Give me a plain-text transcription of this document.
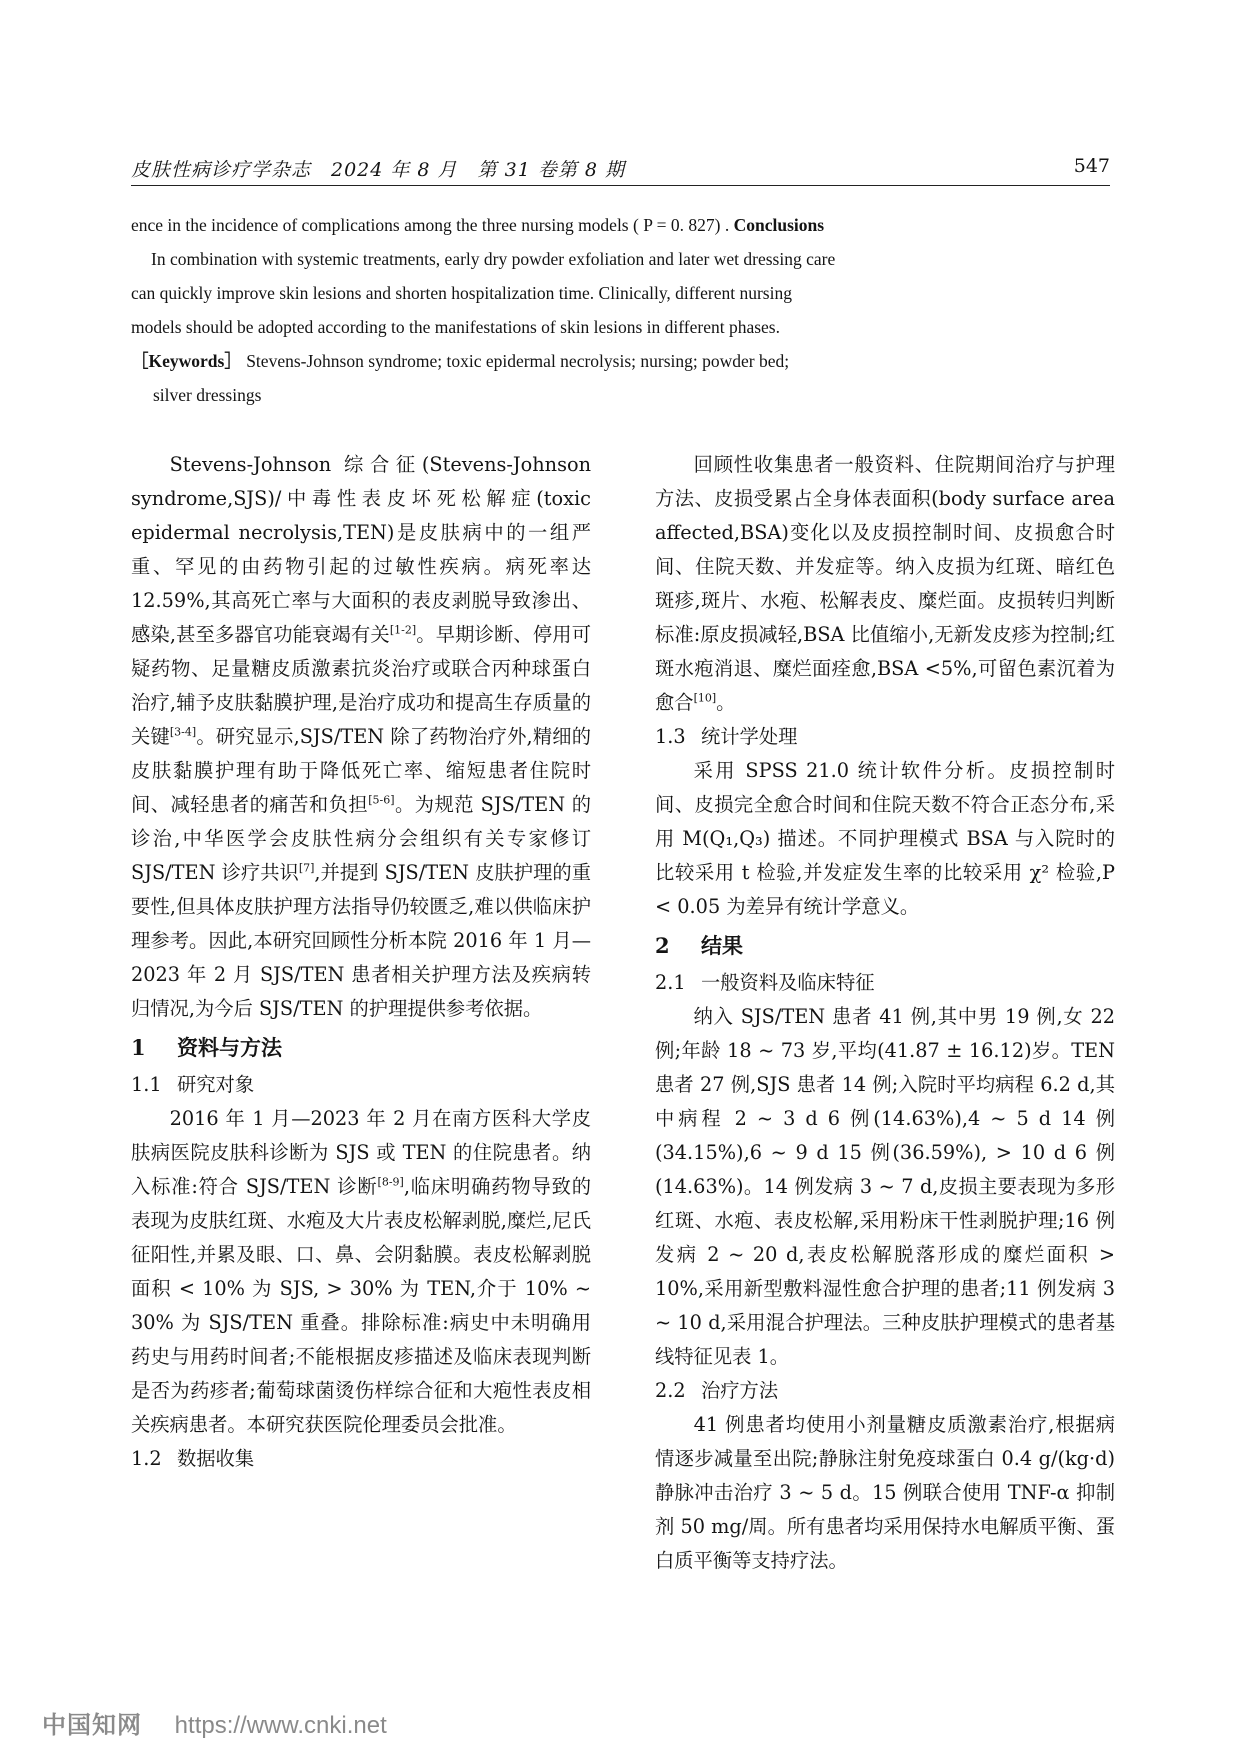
皮肤性病诊疗学杂志　2024 年 8 月　第 31 卷第 8 期	547
ence in the incidence of complications among the three nursing models ( P = 0. 827) . Conclusions
In combination with systemic treatments, early dry powder exfoliation and later wet dressing care
can quickly improve skin lesions and shorten hospitalization time. Clinically, different nursing
models should be adopted according to the manifestations of skin lesions in different phases.
［Keywords］ Stevens-Johnson syndrome; toxic epidermal necrolysis; nursing; powder bed;
silver dressings

Stevens-Johnson 综合征(Stevens-Johnson syndrome,SJS)/中毒性表皮坏死松解症(toxic epidermal necrolysis,TEN)是皮肤病中的一组严重、罕见的由药物引起的过敏性疾病。病死率达 12.59%,其高死亡率与大面积的表皮剥脱导致渗出、感染,甚至多器官功能衰竭有关[1-2]。早期诊断、停用可疑药物、足量糖皮质激素抗炎治疗或联合丙种球蛋白治疗,辅予皮肤黏膜护理,是治疗成功和提高生存质量的关键[3-4]。研究显示,SJS/TEN 除了药物治疗外,精细的皮肤黏膜护理有助于降低死亡率、缩短患者住院时间、减轻患者的痛苦和负担[5-6]。为规范 SJS/TEN 的诊治,中华医学会皮肤性病分会组织有关专家修订 SJS/TEN 诊疗共识[7],并提到 SJS/TEN 皮肤护理的重要性,但具体皮肤护理方法指导仍较匮乏,难以供临床护理参考。因此,本研究回顾性分析本院 2016 年 1 月—2023 年 2 月 SJS/TEN 患者相关护理方法及疾病转归情况,为今后 SJS/TEN 的护理提供参考依据。

1 资料与方法
1.1 研究对象

2016 年 1 月—2023 年 2 月在南方医科大学皮肤病医院皮肤科诊断为 SJS 或 TEN 的住院患者。纳入标准:符合 SJS/TEN 诊断[8-9],临床明确药物导致的表现为皮肤红斑、水疱及大片表皮松解剥脱,糜烂,尼氏征阳性,并累及眼、口、鼻、会阴黏膜。表皮松解剥脱面积 < 10% 为 SJS, > 30% 为 TEN,介于 10% ~ 30% 为 SJS/TEN 重叠。排除标准:病史中未明确用药史与用药时间者;不能根据皮疹描述及临床表现判断是否为药疹者;葡萄球菌烫伤样综合征和大疱性表皮相关疾病患者。本研究获医院伦理委员会批准。

1.2 数据收集

回顾性收集患者一般资料、住院期间治疗与护理方法、皮损受累占全身体表面积(body surface area affected,BSA)变化以及皮损控制时间、皮损愈合时间、住院天数、并发症等。纳入皮损为红斑、暗红色斑疹,斑片、水疱、松解表皮、糜烂面。皮损转归判断标准:原皮损减轻,BSA 比值缩小,无新发皮疹为控制;红斑水疱消退、糜烂面痊愈,BSA <5%,可留色素沉着为愈合[10]。

1.3 统计学处理

采用 SPSS 21.0 统计软件分析。皮损控制时间、皮损完全愈合时间和住院天数不符合正态分布,采用 M(Q₁,Q₃) 描述。不同护理模式 BSA 与入院时的比较采用 t 检验,并发症发生率的比较采用 χ² 检验,P < 0.05 为差异有统计学意义。

2 结果
2.1 一般资料及临床特征

纳入 SJS/TEN 患者 41 例,其中男 19 例,女 22 例;年龄 18 ~ 73 岁,平均(41.87 ± 16.12)岁。TEN 患者 27 例,SJS 患者 14 例;入院时平均病程 6.2 d,其中病程 2 ~ 3 d 6 例(14.63%),4 ~ 5 d 14 例(34.15%),6 ~ 9 d 15 例(36.59%), > 10 d 6 例(14.63%)。14 例发病 3 ~ 7 d,皮损主要表现为多形红斑、水疱、表皮松解,采用粉床干性剥脱护理;16 例发病 2 ~ 20 d,表皮松解脱落形成的糜烂面积 > 10%,采用新型敷料湿性愈合护理的患者;11 例发病 3 ~ 10 d,采用混合护理法。三种皮肤护理模式的患者基线特征见表 1。

2.2 治疗方法

41 例患者均使用小剂量糖皮质激素治疗,根据病情逐步减量至出院;静脉注射免疫球蛋白 0.4 g/(kg·d)静脉冲击治疗 3 ~ 5 d。15 例联合使用 TNF-α 抑制剂 50 mg/周。所有患者均采用保持水电解质平衡、蛋白质平衡等支持疗法。

中国知网 https://www.cnki.net
